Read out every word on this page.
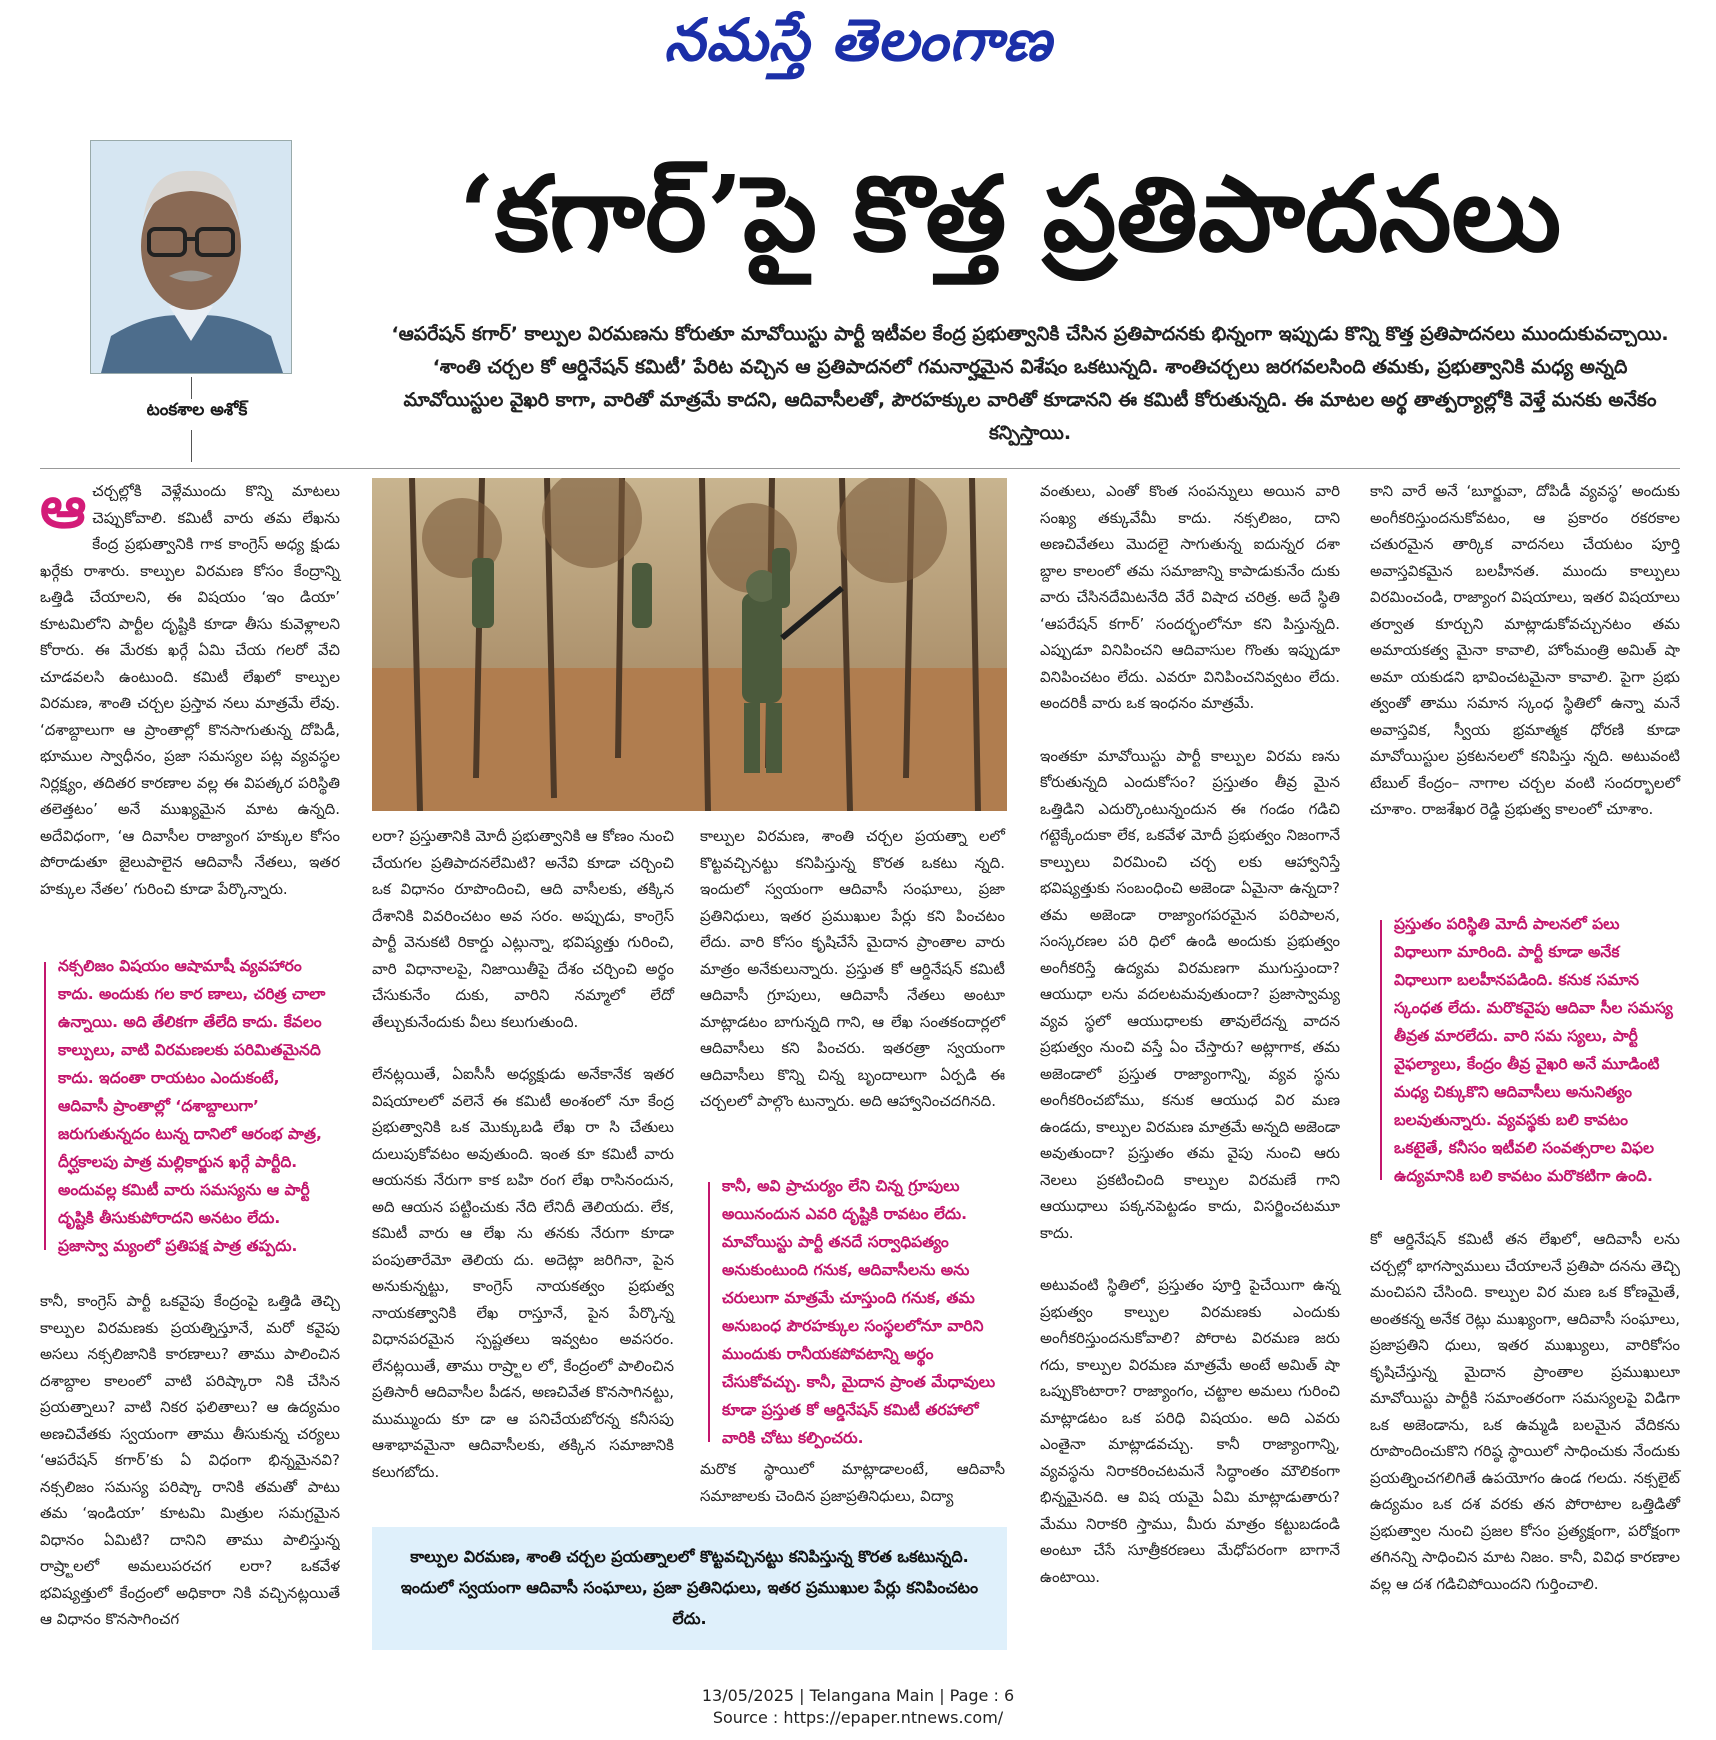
నమస్తే తెలంగాణ
టంకశాల అశోక్
‘కగార్’పై కొత్త ప్రతిపాదనలు
‘ఆపరేషన్ కగార్’ కాల్పుల విరమణను కోరుతూ మావోయిస్టు పార్టీ ఇటీవల కేంద్ర ప్రభుత్వానికి చేసిన ప్రతిపాదనకు భిన్నంగా ఇప్పుడు కొన్ని కొత్త ప్రతిపాదనలు ముందుకువచ్చాయి. ‘శాంతి చర్చల కో ఆర్డినేషన్ కమిటీ’ పేరిట వచ్చిన ఆ ప్రతిపాదనలో గమనార్హమైన విశేషం ఒకటున్నది. శాంతిచర్చలు జరగవలసింది తమకు, ప్రభుత్వానికి మధ్య అన్నది మావోయిస్టుల వైఖరి కాగా, వారితో మాత్రమే కాదని, ఆదివాసీలతో, పౌరహక్కుల వారితో కూడానని ఈ కమిటీ కోరుతున్నది. ఈ మాటల అర్థ తాత్పర్యాల్లోకి వెళ్తే మనకు అనేకం కన్పిస్తాయి.
ఆ చర్చల్లోకి వెళ్లేముందు కొన్ని మాటలు చెప్పుకోవాలి. కమిటీ వారు తమ లేఖను కేంద్ర ప్రభుత్వానికి గాక కాంగ్రెస్ అధ్య క్షుడు ఖర్గేకు రాశారు. కాల్పుల విరమణ కోసం కేంద్రాన్ని ఒత్తిడి చేయాలని, ఈ విషయం ‘ఇం డియా’ కూటమిలోని పార్టీల దృష్టికి కూడా తీసు కువెళ్లాలని కోరారు. ఈ మేరకు ఖర్గే ఏమి చేయ గలరో వేచి చూడవలసి ఉంటుంది. కమిటీ లేఖలో కాల్పుల విరమణ, శాంతి చర్చల ప్రస్తావ నలు మాత్రమే లేవు. ‘దశాబ్దాలుగా ఆ ప్రాంతాల్లో కొనసాగుతున్న దోపిడీ, భూముల స్వాధీనం, ప్రజా సమస్యల పట్ల వ్యవస్థల నిర్లక్ష్యం, తదితర కారణాల వల్ల ఈ విపత్కర పరిస్థితి తలెత్తటం’ అనే ముఖ్యమైన మాట ఉన్నది. అదేవిధంగా, ‘ఆ దివాసీల రాజ్యాంగ హక్కుల కోసం పోరాడుతూ జైలుపాలైన ఆదివాసీ నేతలు, ఇతర హక్కుల నేతల’ గురించి కూడా పేర్కొన్నారు.
నక్సలిజం విషయం ఆషామాషీ వ్యవహారం కాదు. అందుకు గల కార ణాలు, చరిత్ర చాలా ఉన్నాయి. అది తేలికగా తేలేది కాదు. కేవలం కాల్పులు, వాటి విరమణలకు పరిమితమైనది కాదు. ఇదంతా రాయటం ఎందుకంటే, ఆదివాసీ ప్రాంతాల్లో ‘దశాబ్దాలుగా’ జరుగుతున్నదం టున్న దానిలో ఆరంభ పాత్ర, దీర్ఘకాలపు పాత్ర మల్లికార్జున ఖర్గే పార్టీది. అందువల్ల కమిటీ వారు సమస్యను ఆ పార్టీ దృష్టికి తీసుకుపోరాదని అనటం లేదు. ప్రజాస్వా మ్యంలో ప్రతిపక్ష పాత్ర తప్పదు.
కానీ, కాంగ్రెస్ పార్టీ ఒకవైపు కేంద్రంపై ఒత్తిడి తెచ్చి కాల్పుల విరమణకు ప్రయత్నిస్తూనే, మరో కవైపు అసలు నక్సలిజానికి కారణాలు? తాము పాలించిన దశాబ్దాల కాలంలో వాటి పరిష్కారా నికి చేసిన ప్రయత్నాలు? వాటి నికర ఫలితాలు? ఆ ఉద్యమం అణచివేతకు స్వయంగా తాము తీసుకున్న చర్యలు ‘ఆపరేషన్ కగార్’కు ఏ విధంగా భిన్నమైనవి? నక్సలిజం సమస్య పరిష్కా రానికి తమతో పాటు తమ ‘ఇండియా’ కూటమి మిత్రుల సమగ్రమైన విధానం ఏమిటి? దానిని తాము పాలిస్తున్న రాష్ర్టాలలో అమలుపరచగ లరా? ఒకవేళ భవిష్యత్తులో కేంద్రంలో అధికారా నికి వచ్చినట్లయితే ఆ విధానం కొనసాగించగ

లరా? ప్రస్తుతానికి మోదీ ప్రభుత్వానికి ఆ కోణం నుంచి చేయగల ప్రతిపాదనలేమిటి? అనేవి కూడా చర్చించి ఒక విధానం రూపొందించి, ఆది వాసీలకు, తక్కిన దేశానికి వివరించటం అవ సరం. అప్పుడు, కాంగ్రెస్ పార్టీ వెనుకటి రికార్డు ఎట్లున్నా, భవిష్యత్తు గురించి, వారి విధానాలపై, నిజాయితీపై దేశం చర్చించి అర్థం చేసుకునేం దుకు, వారిని నమ్మాలో లేదో తేల్చుకునేందుకు వీలు కలుగుతుంది.

లేనట్లయితే, ఏఐసీసీ అధ్యక్షుడు అనేకానేక ఇతర విషయాలలో వలెనే ఈ కమిటీ అంశంలో నూ కేంద్ర ప్రభుత్వానికి ఒక మొక్కుబడి లేఖ రా సి చేతులు దులుపుకోవటం అవుతుంది. ఇంత కూ కమిటీ వారు ఆయనకు నేరుగా కాక బహి రంగ లేఖ రాసినందున, అది ఆయన పట్టించుకు నేది లేనిదీ తెలియదు. లేక, కమిటీ వారు ఆ లేఖ ను తనకు నేరుగా కూడా పంపుతారేమో తెలియ దు. అదెట్లా జరిగినా, పైన అనుకున్నట్టు, కాంగ్రెస్ నాయకత్వం ప్రభుత్వ నాయకత్వానికి లేఖ రాస్తూనే, పైన పేర్కొన్న విధానపరమైన స్పష్టతలు ఇవ్వటం అవసరం. లేనట్లయితే, తాము రాష్ర్టాల లో, కేంద్రంలో పాలించిన ప్రతిసారీ ఆదివాసీల పీడన, అణచివేత కొనసాగినట్టు, ముమ్ముందు కూ డా ఆ పనిచేయబోరన్న కనీసపు ఆశాభావమైనా ఆదివాసీలకు, తక్కిన సమాజానికి కలుగబోదు.

కాల్పుల విరమణ, శాంతి చర్చల ప్రయత్నా లలో కొట్టవచ్చినట్టు కనిపిస్తున్న కొరత ఒకటు న్నది. ఇందులో స్వయంగా ఆదివాసీ సంఘాలు, ప్రజా ప్రతినిధులు, ఇతర ప్రముఖుల పేర్లు కని పించటం లేదు. వారి కోసం కృషిచేసే మైదాన ప్రాంతాల వారు మాత్రం అనేకులున్నారు. ప్రస్తుత కో ఆర్డినేషన్ కమిటీ ఆదివాసీ గ్రూపులు, ఆదివాసీ నేతలు అంటూ మాట్లాడటం బాగున్నది గాని, ఆ లేఖ సంతకందార్లలో ఆదివాసీలు కని పించరు. ఇతరత్రా స్వయంగా ఆదివాసీలు కొన్ని చిన్న బృందాలుగా ఏర్పడి ఈ చర్చలలో పాల్గొం టున్నారు. అది ఆహ్వానించదగినది.

కానీ, అవి ప్రాచుర్యం లేని చిన్న గ్రూపులు అయినందున ఎవరి దృష్టికి రావటం లేదు. మావోయిస్టు పార్టీ తనదే సర్వాధిపత్యం అనుకుంటుంది గనుక, ఆదివాసీలను అను చరులుగా మాత్రమే చూస్తుంది గనుక, తమ అనుబంధ పౌరహక్కుల సంస్థలలోనూ వారిని ముందుకు రానీయకపోవటాన్ని అర్థం చేసుకోవచ్చు. కానీ, మైదాన ప్రాంత మేధావులు కూడా ప్రస్తుత కో ఆర్డినేషన్ కమిటీ తరహాలో వారికి చోటు కల్పించరు.
మరొక స్థాయిలో మాట్లాడాలంటే, ఆదివాసీ సమాజాలకు చెందిన ప్రజాప్రతినిధులు, విద్యా

వంతులు, ఎంతో కొంత సంపన్నులు అయిన వారి సంఖ్య తక్కువేమీ కాదు. నక్సలిజం, దాని అణచివేతలు మొదలై సాగుతున్న ఐదున్నర దశా బ్దాల కాలంలో తమ సమాజాన్ని కాపాడుకునేం దుకు వారు చేసినదేమిటనేది వేరే విషాద చరిత్ర. అదే స్థితి ‘ఆపరేషన్ కగార్’ సందర్భంలోనూ కని పిస్తున్నది. ఎప్పుడూ వినిపించని ఆదివాసుల గొంతు ఇప్పుడూ వినిపించటం లేదు. ఎవరూ వినిపించనివ్వటం లేదు. అందరికీ వారు ఒక ఇంధనం మాత్రమే.

ఇంతకూ మావోయిస్టు పార్టీ కాల్పుల విరమ ణను కోరుతున్నది ఎందుకోసం? ప్రస్తుతం తీవ్ర మైన ఒత్తిడిని ఎదుర్కొంటున్నందున ఈ గండం గడిచి గట్టెక్కేందుకా లేక, ఒకవేళ మోదీ ప్రభుత్వం నిజంగానే కాల్పులు విరమించి చర్చ లకు ఆహ్వానిస్తే భవిష్యత్తుకు సంబంధించి అజెండా ఏమైనా ఉన్నదా? తమ అజెండా రాజ్యాంగపరమైన పరిపాలన, సంస్కరణల పరి ధిలో ఉండి అందుకు ప్రభుత్వం అంగీకరిస్తే ఉద్యమ విరమణగా ముగుస్తుందా? ఆయుధా లను వదలటమవుతుందా? ప్రజాస్వామ్య వ్యవ స్థలో ఆయుధాలకు తావులేదన్న వాదన ప్రభుత్వం నుంచి వస్తే ఏం చేస్తారు? అట్లాగాక, తమ అజెండాలో ప్రస్తుత రాజ్యాంగాన్ని, వ్యవ స్థను అంగీకరించబోము, కనుక ఆయుధ విర మణ ఉండదు, కాల్పుల విరమణ మాత్రమే అన్నది అజెండా అవుతుందా? ప్రస్తుతం తమ వైపు నుంచి ఆరు నెలలు ప్రకటించింది కాల్పుల విరమణే గాని ఆయుధాలు పక్కనపెట్టడం కాదు, విసర్జించటమూ కాదు.

అటువంటి స్థితిలో, ప్రస్తుతం పూర్తి పైచేయిగా ఉన్న ప్రభుత్వం కాల్పుల విరమణకు ఎందుకు అంగీకరిస్తుందనుకోవాలి? పోరాట విరమణ జరు గదు, కాల్పుల విరమణ మాత్రమే అంటే అమిత్ షా ఒప్పుకొంటారా? రాజ్యాంగం, చట్టాల అమలు గురించి మాట్లాడటం ఒక పరిధి విషయం. అది ఎవరు ఎంతైనా మాట్లాడవచ్చు. కానీ రాజ్యాంగాన్ని, వ్యవస్థను నిరాకరించటమనే సిద్ధాంతం మౌలికంగా భిన్నమైనది. ఆ విష యమై ఏమి మాట్లాడుతారు? మేము నిరాకరి స్తాము, మీరు మాత్రం కట్టుబడండి అంటూ చేసే సూత్రీకరణలు మేధోపరంగా బాగానే ఉంటాయి.

కాని వారే అనే ‘బూర్జువా, దోపిడీ వ్యవస్థ’ అందుకు అంగీకరిస్తుందనుకోవటం, ఆ ప్రకారం రకరకాల చతురమైన తార్కిక వాదనలు చేయటం పూర్తి అవాస్తవికమైన బలహీనత. ముందు కాల్పులు విరమించండి, రాజ్యాంగ విషయాలు, ఇతర విషయాలు తర్వాత కూర్చుని మాట్లాడుకోవచ్చునటం తమ అమాయకత్వ మైనా కావాలి, హోంమంత్రి అమిత్ షా అమా యకుడని భావించటమైనా కావాలి. పైగా ప్రభు త్వంతో తాము సమాన స్కంధ స్థితిలో ఉన్నా మనే అవాస్తవిక, స్వీయ భ్రమాత్మక ధోరణి కూడా మావోయిస్టుల ప్రకటనలలో కనిపిస్తు న్నది. అటువంటి టేబుల్ కేంద్రం– నాగాల చర్చల వంటి సందర్భాలలో చూశాం. రాజశేఖర రెడ్డి ప్రభుత్వ కాలంలో చూశాం.
ప్రస్తుతం పరిస్థితి మోదీ పాలనలో పలు విధాలుగా మారింది. పార్టీ కూడా అనేక విధాలుగా బలహీనపడింది. కనుక సమాన స్కంధత లేదు. మరొకవైపు ఆదివా సీల సమస్య తీవ్రత మారలేదు. వారి సమ స్యలు, పార్టీ వైఫల్యాలు, కేంద్రం తీవ్ర వైఖరి అనే మూడింటి మధ్య చిక్కుకొని ఆదివాసీలు అనునిత్యం బలవుతున్నారు. వ్యవస్థకు బలి కావటం ఒకటైతే, కనీసం ఇటీవలి సంవత్సరాల విఫల ఉద్యమానికి బలి కావటం మరొకటిగా ఉంది.
కో ఆర్డినేషన్ కమిటీ తన లేఖలో, ఆదివాసీ లను చర్చల్లో భాగస్వాములు చేయాలనే ప్రతిపా దనను తెచ్చి మంచిపని చేసింది. కాల్పుల విర మణ ఒక కోణమైతే, అంతకన్న అనేక రెట్లు ముఖ్యంగా, ఆదివాసీ సంఘాలు, ప్రజాప్రతిని ధులు, ఇతర ముఖ్యులు, వారికోసం కృషిచేస్తున్న మైదాన ప్రాంతాల ప్రముఖులూ మావోయిస్టు పార్టీకి సమాంతరంగా సమస్యలపై విడిగా ఒక అజెండాను, ఒక ఉమ్మడి బలమైన వేదికను రూపొందించుకొని గరిష్ఠ స్థాయిలో సాధించుకు నేందుకు ప్రయత్నించగలిగితే ఉపయోగం ఉండ గలదు. నక్సలైట్ ఉద్యమం ఒక దశ వరకు తన పోరాటాల ఒత్తిడితో ప్రభుత్వాల నుంచి ప్రజల కోసం ప్రత్యక్షంగా, పరోక్షంగా తగినన్ని సాధించిన మాట నిజం. కానీ, వివిధ కారణాల వల్ల ఆ దశ గడిచిపోయిందని గుర్తించాలి.
కాల్పుల విరమణ, శాంతి చర్చల ప్రయత్నాలలో కొట్టవచ్చినట్టు కనిపిస్తున్న కొరత ఒకటున్నది. ఇందులో స్వయంగా ఆదివాసీ సంఘాలు, ప్రజా ప్రతినిధులు, ఇతర ప్రముఖుల పేర్లు కనిపించటం లేదు.
13/05/2025 | Telangana Main | Page : 6
Source : https://epaper.ntnews.com/
